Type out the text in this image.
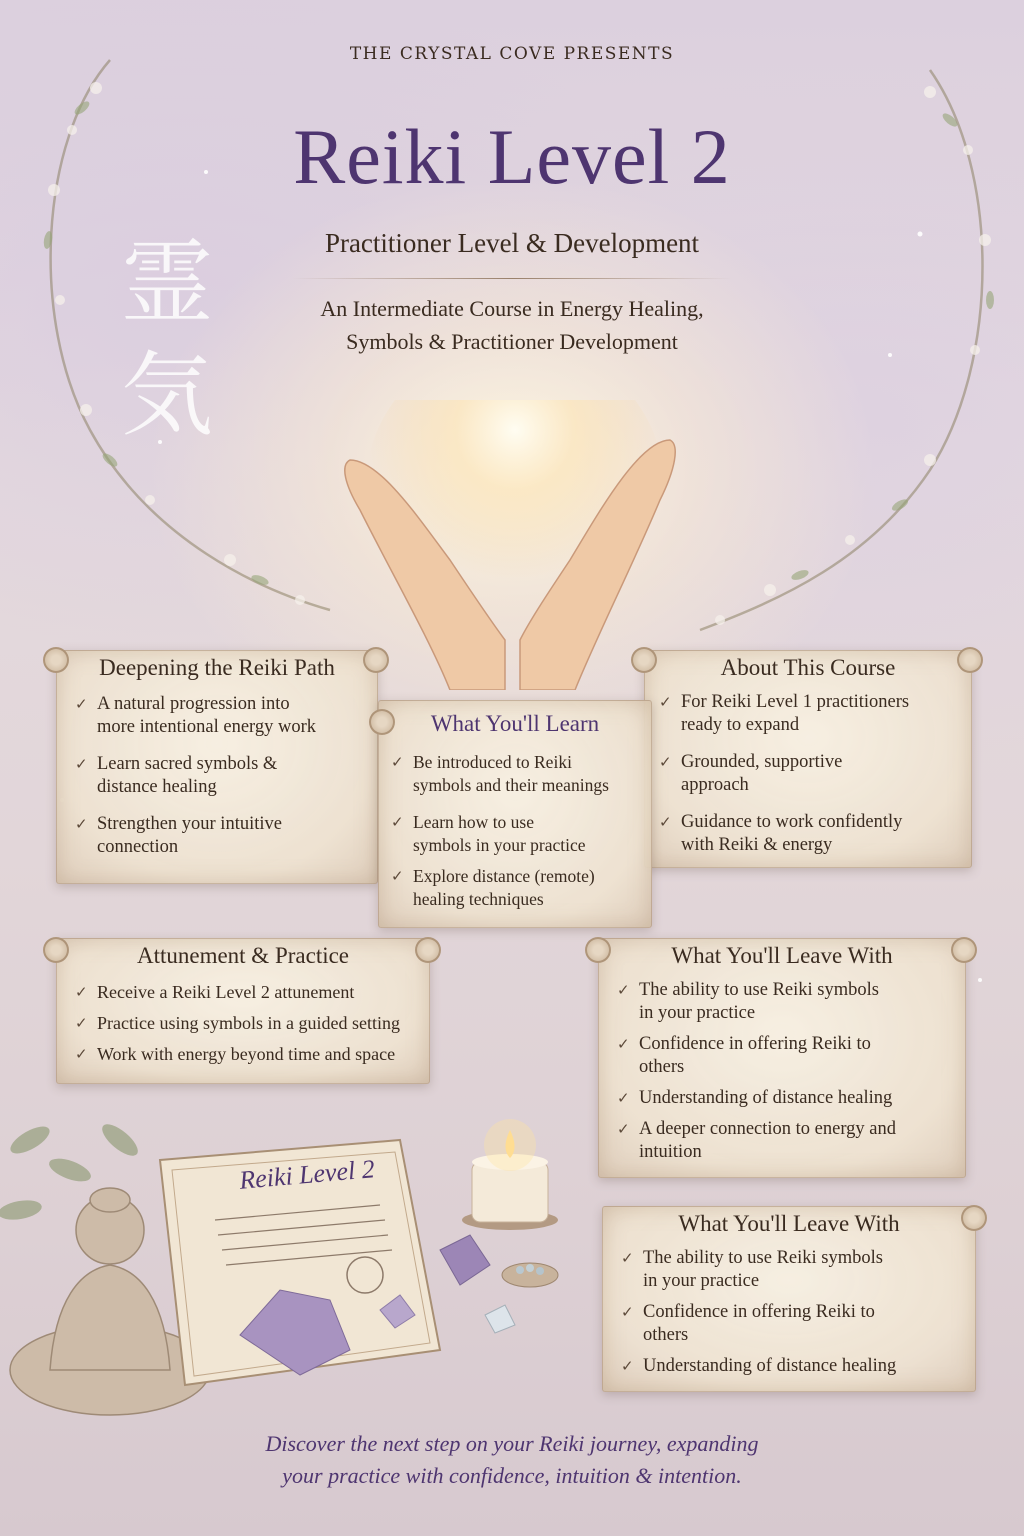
THE CRYSTAL COVE PRESENTS
Reiki Level 2
Practitioner Level & Development
An Intermediate Course in Energy Healing,
Symbols & Practitioner Development
霊
気
Deepening the Reiki Path
✓ A natural progression into
more intentional energy work
✓ Learn sacred symbols &
distance healing
✓ Strengthen your intuitive
connection
About This Course
✓ For Reiki Level 1 practitioners
ready to expand
✓ Grounded, supportive
approach
✓ Guidance to work confidently
with Reiki & energy
What You'll Learn
✓ Be introduced to Reiki
symbols and their meanings
✓ Learn how to use
symbols in your practice
✓ Explore distance (remote)
healing techniques
Attunement & Practice
✓ Receive a Reiki Level 2 attunement
✓ Practice using symbols in a guided setting
✓ Work with energy beyond time and space
What You'll Leave With
✓ The ability to use Reiki symbols
in your practice
✓ Confidence in offering Reiki to
others
✓ Understanding of distance healing
✓ A deeper connection to energy and
intuition
What You'll Leave With
✓ The ability to use Reiki symbols
in your practice
✓ Confidence in offering Reiki to
others
✓ Understanding of distance healing
Reiki Level 2
Discover the next step on your Reiki journey, expanding
your practice with confidence, intuition & intention.
